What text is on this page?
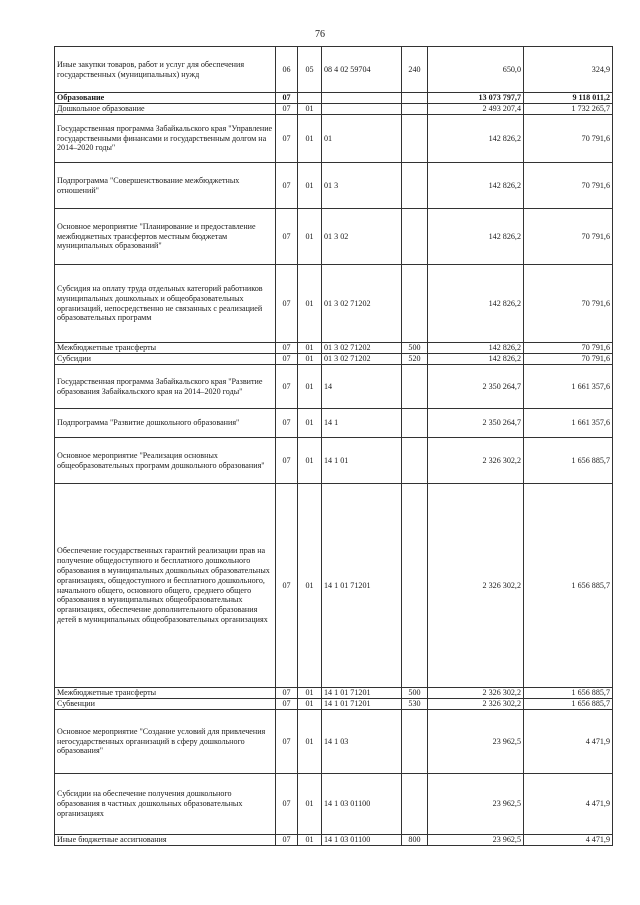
76
Иные закупки товаров, работ и услуг для обеспечения государственных (муниципальных) нужд	06	05	08 4 02 59704	240	650,0	324,9
Образование	07				13 073 797,7	9 118 011,2
Дошкольное образование	07	01			2 493 207,4	1 732 265,7
Государственная программа Забайкальского края "Управление государственными финансами и государственным долгом на 2014–2020 годы"	07	01	01		142 826,2	70 791,6
Подпрограмма "Совершенствование межбюджетных отношений"	07	01	01 3		142 826,2	70 791,6
Основное мероприятие "Планирование и предоставление межбюджетных трансфертов местным бюджетам муниципальных образований"	07	01	01 3 02		142 826,2	70 791,6
Субсидия на оплату труда отдельных категорий работников муниципальных дошкольных и общеобразовательных организаций, непосредственно не связанных с реализацией образовательных программ	07	01	01 3 02 71202		142 826,2	70 791,6
Межбюджетные трансферты	07	01	01 3 02 71202	500	142 826,2	70 791,6
Субсидии	07	01	01 3 02 71202	520	142 826,2	70 791,6
Государственная программа Забайкальского края "Развитие образования Забайкальского края на 2014–2020 годы"	07	01	14		2 350 264,7	1 661 357,6
Подпрограмма "Развитие дошкольного образования"	07	01	14 1		2 350 264,7	1 661 357,6
Основное мероприятие "Реализация основных общеобразовательных программ дошкольного образования"	07	01	14 1 01		2 326 302,2	1 656 885,7
Обеспечение государственных гарантий реализации прав на получение общедоступного и бесплатного дошкольного образования в муниципальных дошкольных образовательных организациях, общедоступного и бесплатного дошкольного, начального общего, основного общего, среднего общего образования в муниципальных общеобразовательных организациях, обеспечение дополнительного образования детей в муниципальных общеобразовательных организациях	07	01	14 1 01 71201		2 326 302,2	1 656 885,7
Межбюджетные трансферты	07	01	14 1 01 71201	500	2 326 302,2	1 656 885,7
Субвенции	07	01	14 1 01 71201	530	2 326 302,2	1 656 885,7
Основное мероприятие "Создание условий для привлечения негосударственных организаций в сферу дошкольного образования"	07	01	14 1 03		23 962,5	4 471,9
Субсидии на обеспечение получения дошкольного образования в частных дошкольных образовательных организациях	07	01	14 1 03 01100		23 962,5	4 471,9
Иные бюджетные ассигнования	07	01	14 1 03 01100	800	23 962,5	4 471,9
